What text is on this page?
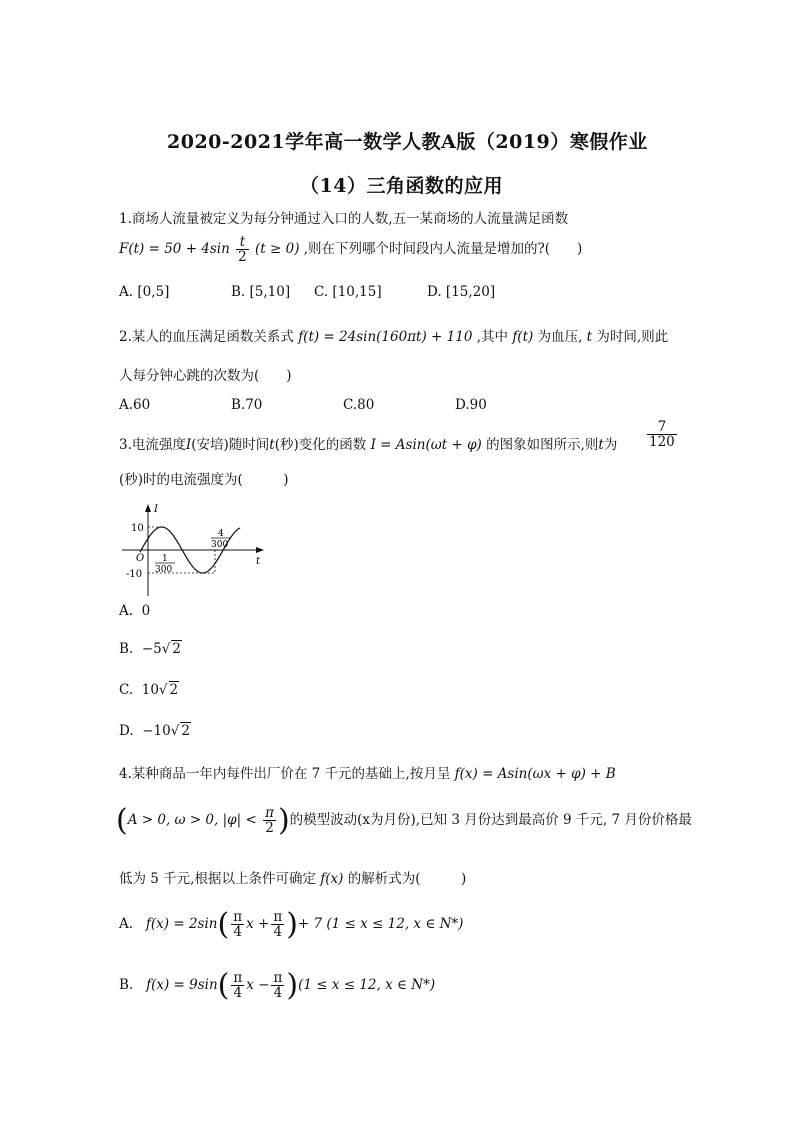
2020-2021学年高一数学人教A版（2019）寒假作业
（14）三角函数的应用
1.商场人流量被定义为每分钟通过入口的人数,五一某商场的人流量满足函数
$F(t) = 50 + 4\sin \frac{t}{2} (t \ge 0)$ ,则在下列哪个时间段内人流量是增加的?(　　)
A. [0,5]	B. [5,10] C. [10,15]	D. [15,20]
2.某人的血压满足函数关系式 f(t) = 24sin(160πt) + 110 ,其中 f(t) 为血压, t 为时间,则此
人每分钟心跳的次数为(　　)
A.60	B.70	C.80	D.90
3.电流强度I(安培)随时间t(秒)变化的函数 I = Asin(ωt + φ) 的图象如图所示,则t为 $\frac{7}{120}$
(秒)时的电流强度为(　　　)
I
t
O
10
-10
1
300
4
300
A. 0
B. −5√ 2
C. 10√ 2
D. −10√ 2
4.某种商品一年内每件出厂价在 7 千元的基础上,按月呈 f(x) = Asin(ωx + φ) + B
(A > 0, ω > 0, $|\varphi| < \frac{\pi}{2}$ )的模型波动(x为月份),已知 3 月份达到最高价 9 千元, 7 月份价格最
低为 5 千元,根据以上条件可确定 f(x) 的解析式为(　　　)
A. $f(x) = 2\sin( \frac{\pi}{4}$ $x + \frac{\pi}{4}$ )+ 7 (1 ≤ x ≤ 12, x ∈ N*)
B. $f(x) = 9\sin( \frac{\pi}{4}$ $x - \frac{\pi}{4} )(1 \le x \le 12$, x ∈ N*)
